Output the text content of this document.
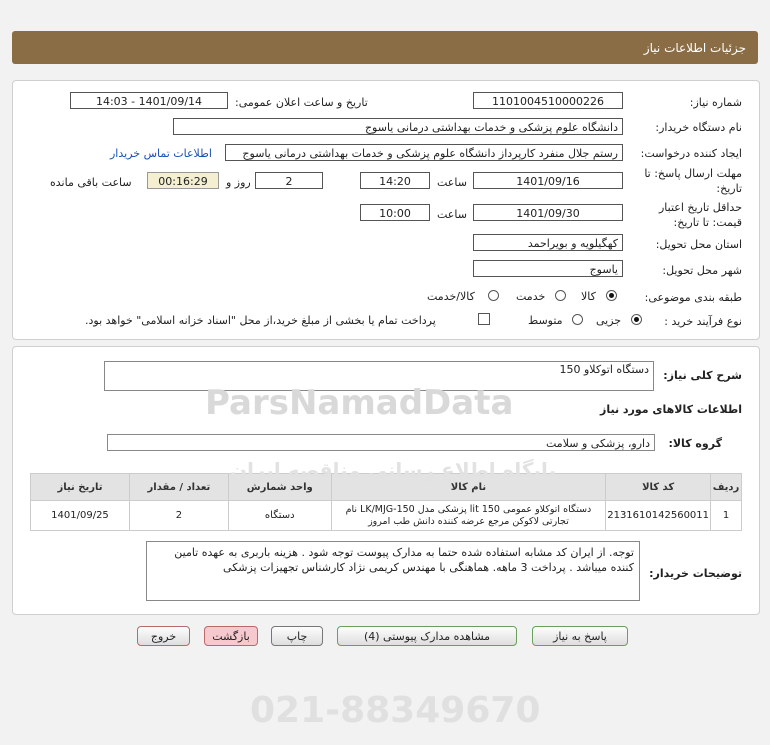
جزئیات اطلاعات نیاز
شماره نیاز:
1101004510000226
تاریخ و ساعت اعلان عمومی:
1401/09/14 - 14:03
نام دستگاه خریدار:
دانشگاه علوم پزشکی و خدمات بهداشتی درمانی یاسوج
ایجاد کننده درخواست:
رستم جلال منفرد کارپرداز دانشگاه علوم پزشکی و خدمات بهداشتی درمانی یاسوج
اطلاعات تماس خریدار
مهلت ارسال پاسخ: تا
تاریخ:
1401/09/16
ساعت
14:20
2
روز و
00:16:29
ساعت باقی مانده
حداقل تاریخ اعتبار
قیمت: تا تاریخ:
1401/09/30
ساعت
10:00
استان محل تحویل:
کهگیلویه و بویراحمد
شهر محل تحویل:
یاسوج
طبقه بندی موضوعی:
کالا
خدمت
کالا/خدمت
نوع فرآیند خرید :
جزیی
متوسط
پرداخت تمام یا بخشی از مبلغ خرید،از محل "اسناد خزانه اسلامی" خواهد بود.
شرح کلی نیاز:
دستگاه اتوکلاو 150
اطلاعات کالاهای مورد نیاز
گروه کالا:
دارو، پزشکی و سلامت
ردیف	کد کالا	نام کالا	واحد شمارش	تعداد / مقدار	تاریخ نیاز
1	2131610142560011	دستگاه اتوکلاو عمومی 150 lit پزشکی مدل LK/MJG-150 نام تجارتی لاکوکن مرجع عرضه کننده دانش طب امروز	دستگاه	2	1401/09/25
توضیحات خریدار:
توجه. از ایران کد مشابه استفاده شده حتما به مدارک پیوست توجه شود . هزینه باربری به عهده تامین کننده میباشد . پرداخت 3 ماهه. هماهنگی با مهندس کریمی نژاد کارشناس تجهیزات پزشکی
ParsNamadData
پایگاه اطلاع رسانی مناقصه ایران
021-88349670
پاسخ به نیاز
مشاهده مدارک پیوستی (4)
چاپ
بازگشت
خروج
